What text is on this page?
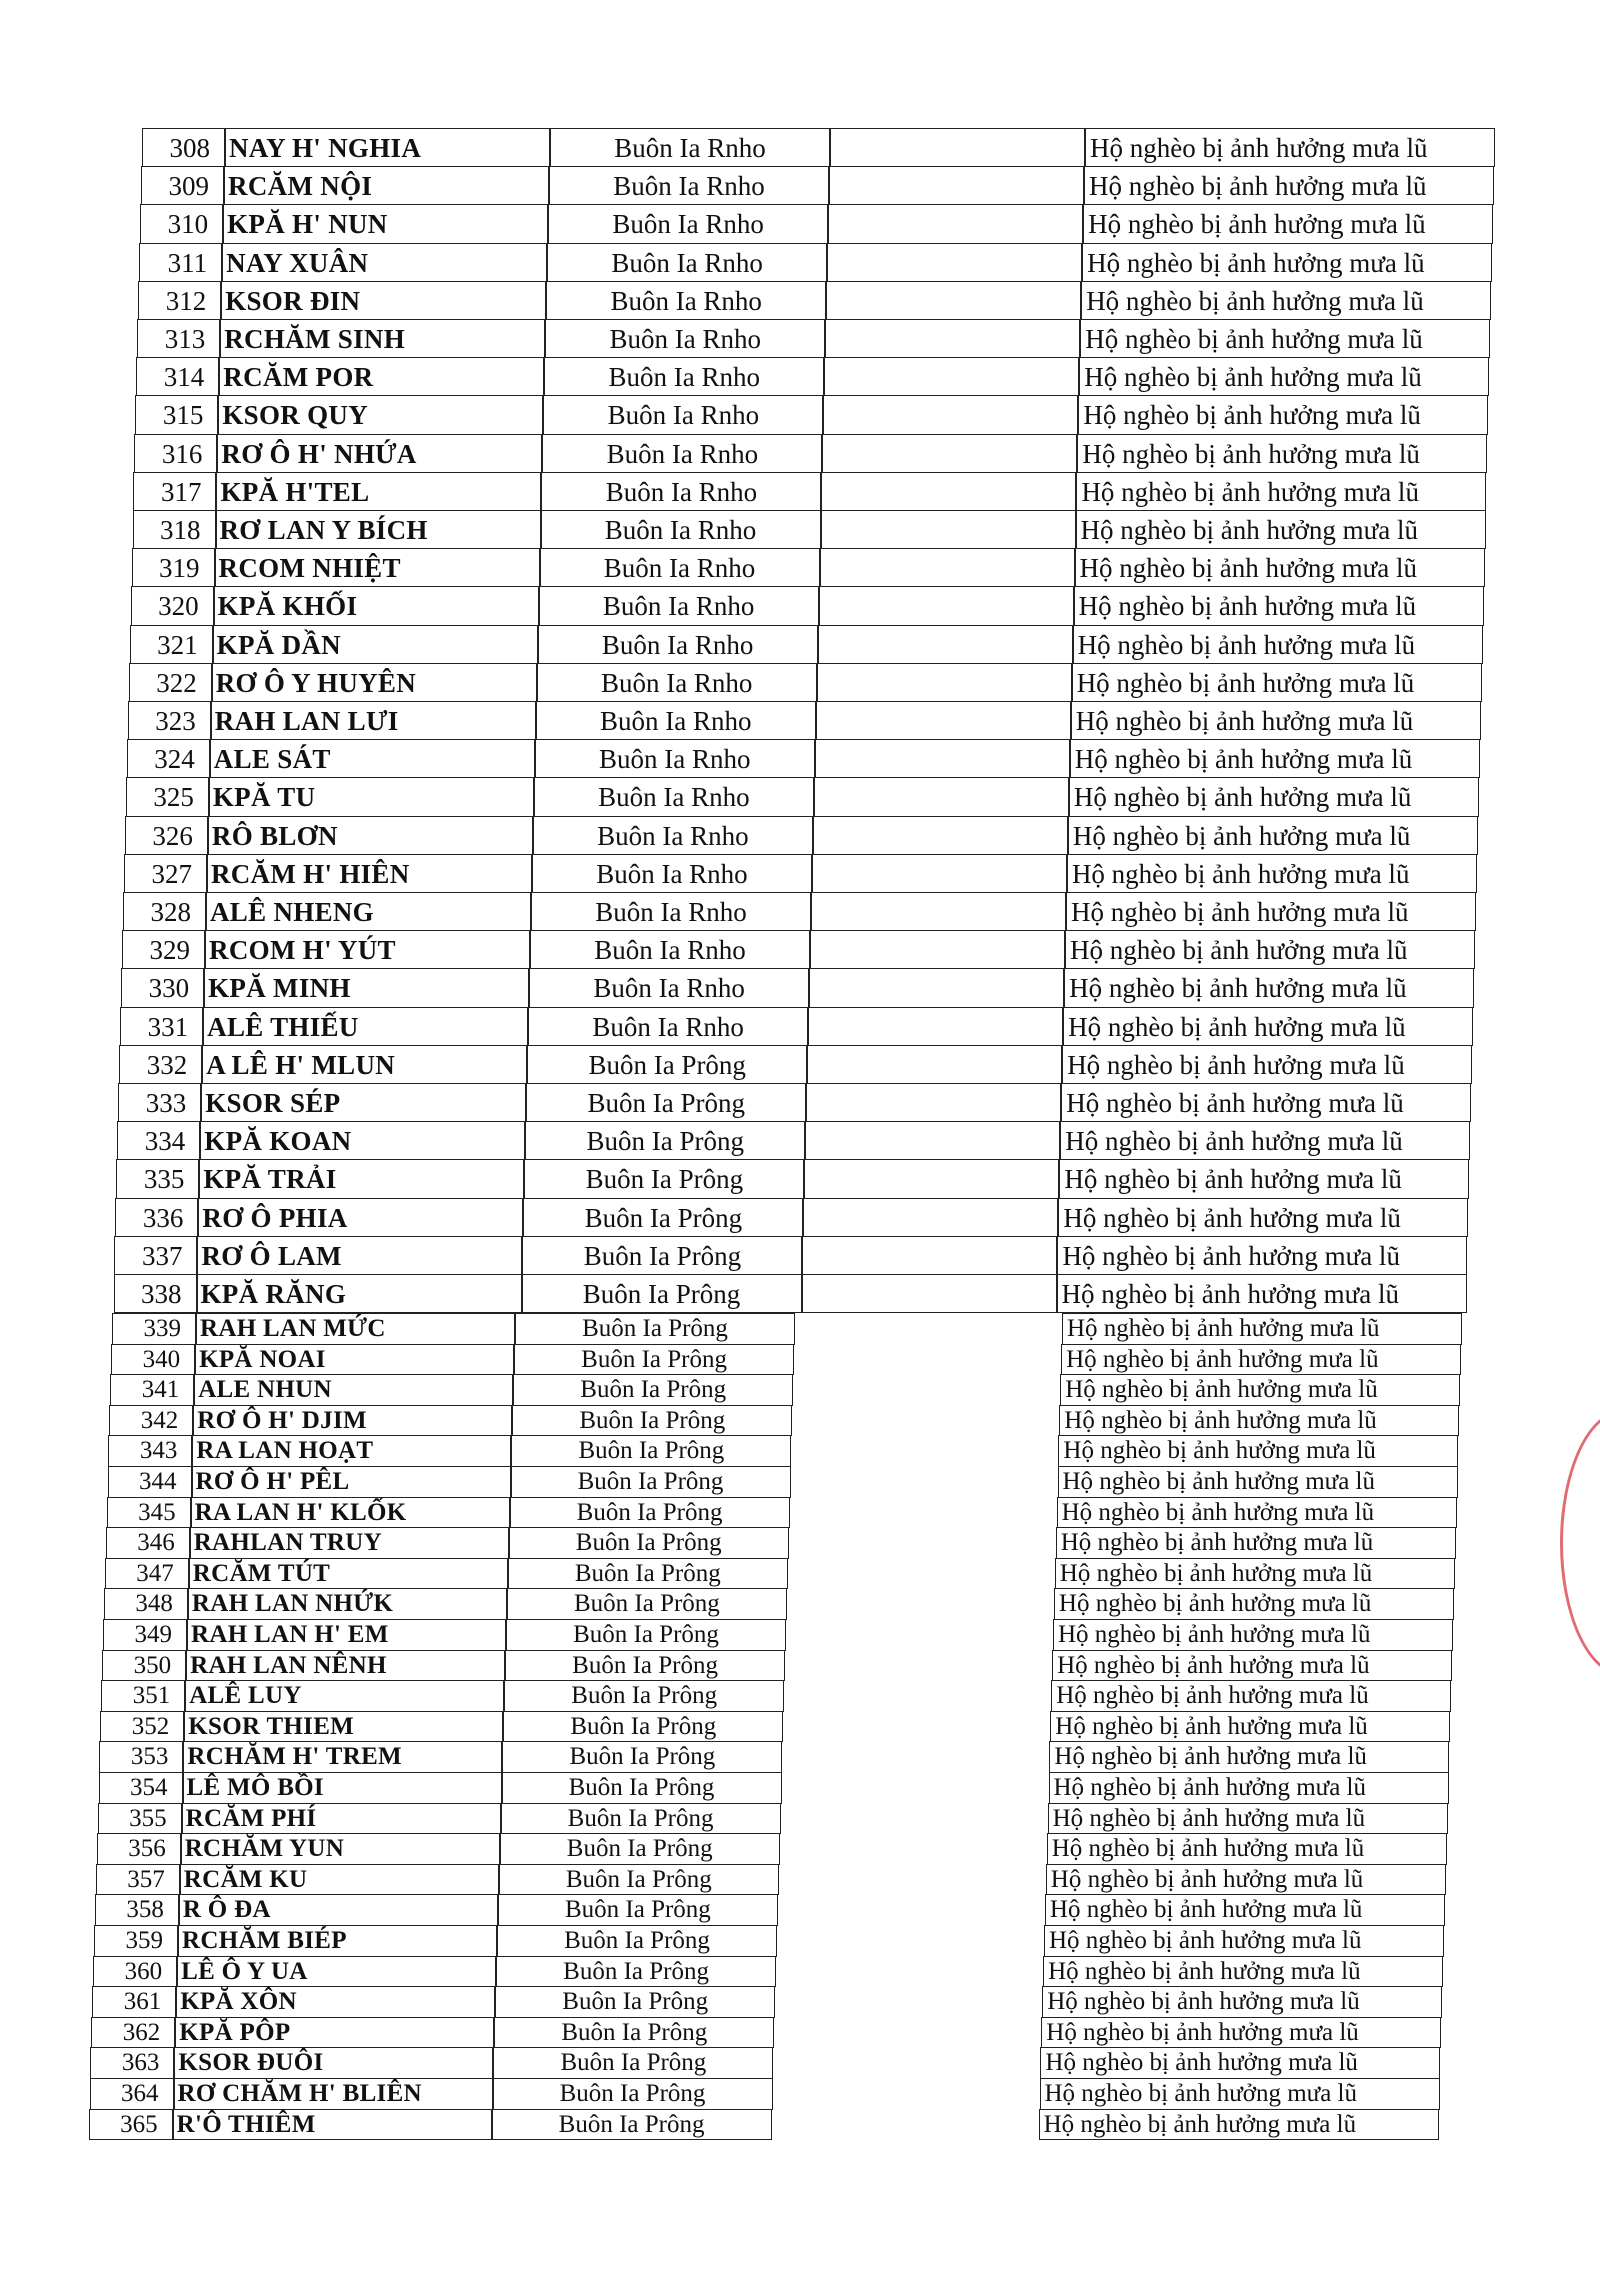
308 NAY H' NGHIA	Buôn Ia Rnho	Hộ nghèo bị ảnh hưởng mưa lũ
309 RCĂM NỘI	Buôn Ia Rnho	Hộ nghèo bị ảnh hưởng mưa lũ
310 KPĂ H' NUN	Buôn Ia Rnho	Hộ nghèo bị ảnh hưởng mưa lũ
311 NAY XUÂN	Buôn Ia Rnho	Hộ nghèo bị ảnh hưởng mưa lũ
312 KSOR ĐIN	Buôn Ia Rnho	Hộ nghèo bị ảnh hưởng mưa lũ
313 RCHĂM SINH	Buôn Ia Rnho	Hộ nghèo bị ảnh hưởng mưa lũ
314 RCĂM POR	Buôn Ia Rnho	Hộ nghèo bị ảnh hưởng mưa lũ
315 KSOR QUY	Buôn Ia Rnho	Hộ nghèo bị ảnh hưởng mưa lũ
316 RƠ Ô H' NHỨA	Buôn Ia Rnho	Hộ nghèo bị ảnh hưởng mưa lũ
317 KPĂ H'TEL	Buôn Ia Rnho	Hộ nghèo bị ảnh hưởng mưa lũ
318 RƠ LAN Y BÍCH	Buôn Ia Rnho	Hộ nghèo bị ảnh hưởng mưa lũ
319 RCOM NHIỆT	Buôn Ia Rnho	Hộ nghèo bị ảnh hưởng mưa lũ
320 KPĂ KHỐI	Buôn Ia Rnho	Hộ nghèo bị ảnh hưởng mưa lũ
321 KPĂ DẦN	Buôn Ia Rnho	Hộ nghèo bị ảnh hưởng mưa lũ
322 RƠ Ô Y HUYÊN	Buôn Ia Rnho	Hộ nghèo bị ảnh hưởng mưa lũ
323 RAH LAN LƯI	Buôn Ia Rnho	Hộ nghèo bị ảnh hưởng mưa lũ
324 ALE SÁT	Buôn Ia Rnho	Hộ nghèo bị ảnh hưởng mưa lũ
325 KPĂ TU	Buôn Ia Rnho	Hộ nghèo bị ảnh hưởng mưa lũ
326 RÔ BLƠN	Buôn Ia Rnho	Hộ nghèo bị ảnh hưởng mưa lũ
327 RCĂM H' HIÊN	Buôn Ia Rnho	Hộ nghèo bị ảnh hưởng mưa lũ
328 ALÊ NHENG	Buôn Ia Rnho	Hộ nghèo bị ảnh hưởng mưa lũ
329 RCOM H' YÚT	Buôn Ia Rnho	Hộ nghèo bị ảnh hưởng mưa lũ
330 KPĂ MINH	Buôn Ia Rnho	Hộ nghèo bị ảnh hưởng mưa lũ
331 ALÊ THIẾU	Buôn Ia Rnho	Hộ nghèo bị ảnh hưởng mưa lũ
332 A LÊ H' MLUN	Buôn Ia Prông	Hộ nghèo bị ảnh hưởng mưa lũ
333 KSOR SÉP	Buôn Ia Prông	Hộ nghèo bị ảnh hưởng mưa lũ
334 KPĂ KOAN	Buôn Ia Prông	Hộ nghèo bị ảnh hưởng mưa lũ
335 KPĂ TRẢI	Buôn Ia Prông	Hộ nghèo bị ảnh hưởng mưa lũ
336 RƠ Ô PHIA	Buôn Ia Prông	Hộ nghèo bị ảnh hưởng mưa lũ
337 RƠ Ô LAM	Buôn Ia Prông	Hộ nghèo bị ảnh hưởng mưa lũ
338 KPĂ RĂNG	Buôn Ia Prông	Hộ nghèo bị ảnh hưởng mưa lũ
339 RAH LAN MỨC	Buôn Ia Prông	Hộ nghèo bị ảnh hưởng mưa lũ
340 KPĂ NOAI	Buôn Ia Prông	Hộ nghèo bị ảnh hưởng mưa lũ
341 ALE NHUN	Buôn Ia Prông	Hộ nghèo bị ảnh hưởng mưa lũ
342 RƠ Ô H' DJIM	Buôn Ia Prông	Hộ nghèo bị ảnh hưởng mưa lũ
343 RA LAN HOẠT	Buôn Ia Prông	Hộ nghèo bị ảnh hưởng mưa lũ
344 RƠ Ô H' PÊL	Buôn Ia Prông	Hộ nghèo bị ảnh hưởng mưa lũ
345 RA LAN H' KLỐK	Buôn Ia Prông	Hộ nghèo bị ảnh hưởng mưa lũ
346 RAHLAN TRUY	Buôn Ia Prông	Hộ nghèo bị ảnh hưởng mưa lũ
347 RCĂM TÚT	Buôn Ia Prông	Hộ nghèo bị ảnh hưởng mưa lũ
348 RAH LAN NHỨK	Buôn Ia Prông	Hộ nghèo bị ảnh hưởng mưa lũ
349 RAH LAN H' EM	Buôn Ia Prông	Hộ nghèo bị ảnh hưởng mưa lũ
350 RAH LAN NÊNH	Buôn Ia Prông	Hộ nghèo bị ảnh hưởng mưa lũ
351 ALÊ LUY	Buôn Ia Prông	Hộ nghèo bị ảnh hưởng mưa lũ
352 KSOR THIEM	Buôn Ia Prông	Hộ nghèo bị ảnh hưởng mưa lũ
353 RCHĂM H' TREM	Buôn Ia Prông	Hộ nghèo bị ảnh hưởng mưa lũ
354 LÊ MÔ BỒI	Buôn Ia Prông	Hộ nghèo bị ảnh hưởng mưa lũ
355 RCĂM PHÍ	Buôn Ia Prông	Hộ nghèo bị ảnh hưởng mưa lũ
356 RCHĂM YUN	Buôn Ia Prông	Hộ nghèo bị ảnh hưởng mưa lũ
357 RCĂM KU	Buôn Ia Prông	Hộ nghèo bị ảnh hưởng mưa lũ
358 R Ô ĐA	Buôn Ia Prông	Hộ nghèo bị ảnh hưởng mưa lũ
359 RCHĂM BIÉP	Buôn Ia Prông	Hộ nghèo bị ảnh hưởng mưa lũ
360 LÊ Ô Y UA	Buôn Ia Prông	Hộ nghèo bị ảnh hưởng mưa lũ
361 KPĂ XÔN	Buôn Ia Prông	Hộ nghèo bị ảnh hưởng mưa lũ
362 KPĂ PÔP	Buôn Ia Prông	Hộ nghèo bị ảnh hưởng mưa lũ
363 KSOR ĐUÔI	Buôn Ia Prông	Hộ nghèo bị ảnh hưởng mưa lũ
364 RƠ CHĂM H' BLIÊN	Buôn Ia Prông	Hộ nghèo bị ảnh hưởng mưa lũ
365 R'Ô THIÊM	Buôn Ia Prông	Hộ nghèo bị ảnh hưởng mưa lũ
